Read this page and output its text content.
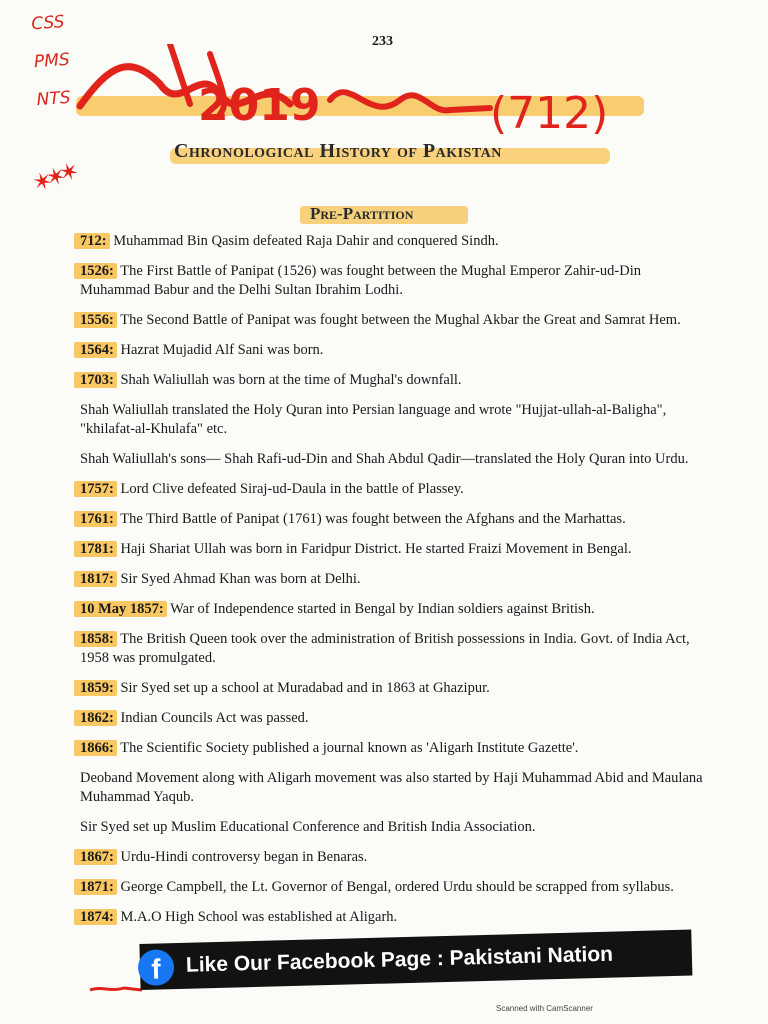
233
CSS
PMS
NTS	2019	(712)
✶✶✶
Chronological History of Pakistan
Pre-Partition
712: Muhammad Bin Qasim defeated Raja Dahir and conquered Sindh.
1526: The First Battle of Panipat (1526) was fought between the Mughal Emperor Zahir-ud-Din Muhammad Babur and the Delhi Sultan Ibrahim Lodhi.
1556: The Second Battle of Panipat was fought between the Mughal Akbar the Great and Samrat Hem.
1564: Hazrat Mujadid Alf Sani was born.
1703: Shah Waliullah was born at the time of Mughal's downfall.
Shah Waliullah translated the Holy Quran into Persian language and wrote "Hujjat-ullah-al-Baligha", "khilafat-al-Khulafa" etc.
Shah Waliullah's sons— Shah Rafi-ud-Din and Shah Abdul Qadir—translated the Holy Quran into Urdu.
1757: Lord Clive defeated Siraj-ud-Daula in the battle of Plassey.
1761: The Third Battle of Panipat (1761) was fought between the Afghans and the Marhattas.
1781: Haji Shariat Ullah was born in Faridpur District. He started Fraizi Movement in Bengal.
1817: Sir Syed Ahmad Khan was born at Delhi.
10 May 1857: War of Independence started in Bengal by Indian soldiers against British.
1858: The British Queen took over the administration of British possessions in India. Govt. of India Act, 1958 was promulgated.
1859: Sir Syed set up a school at Muradabad and in 1863 at Ghazipur.
1862: Indian Councils Act was passed.
1866: The Scientific Society published a journal known as 'Aligarh Institute Gazette'.
Deoband Movement along with Aligarh movement was also started by Haji Muhammad Abid and Maulana Muhammad Yaqub.
Sir Syed set up Muslim Educational Conference and British India Association.
1867: Urdu-Hindi controversy began in Benaras.
1871: George Campbell, the Lt. Governor of Bengal, ordered Urdu should be scrapped from syllabus.
1874: M.A.O High School was established at Aligarh.
f	Like Our Facebook Page : Pakistani Nation
Scanned with CamScanner
